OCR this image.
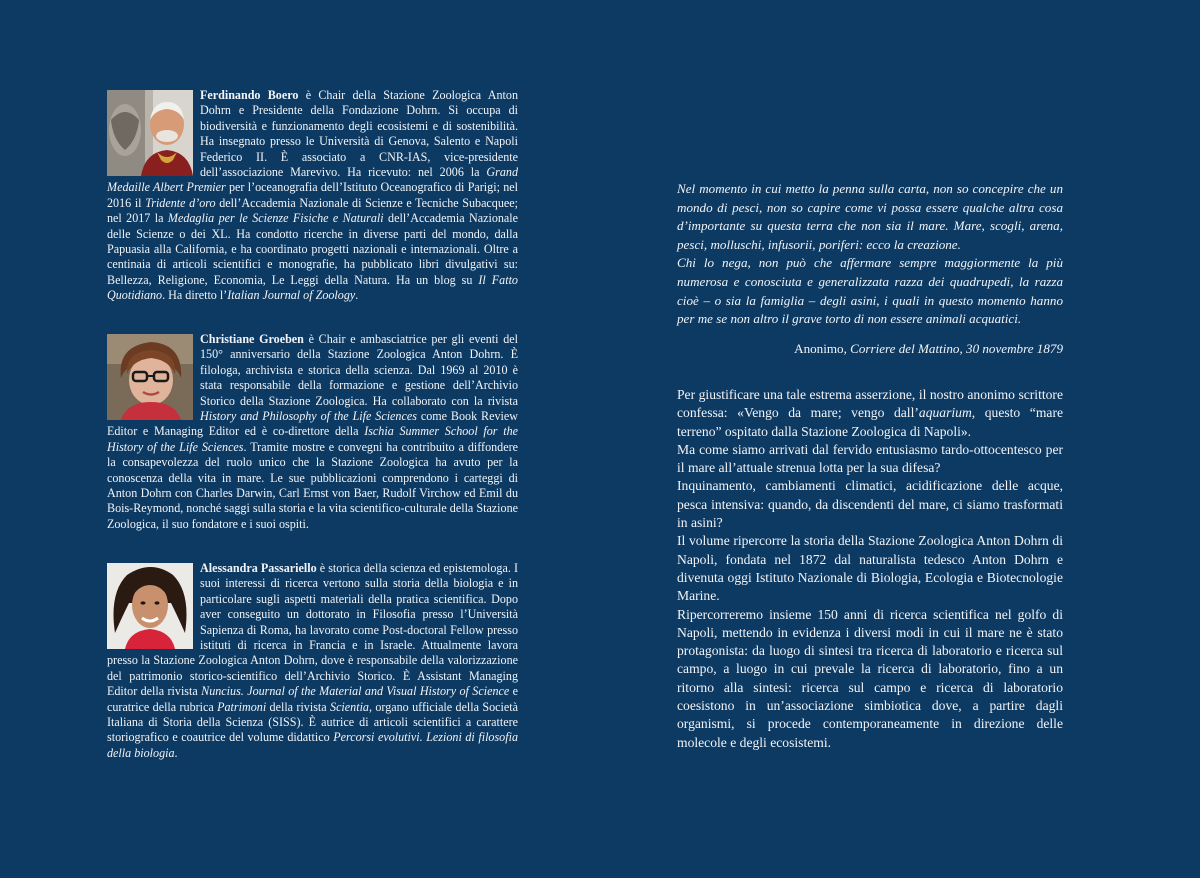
Ferdinando Boero è Chair della Stazione Zoologica Anton Dohrn e Presidente della Fondazione Dohrn. Si occupa di biodiversità e funzionamento degli ecosistemi e di sostenibilità. Ha insegnato presso le Università di Genova, Salento e Napoli Federico II. È associato a CNR-IAS, vice-presidente dell’associazione Marevivo. Ha ricevuto: nel 2006 la Grand Medaille Albert Premier per l’oceanografia dell’Istituto Oceanografico di Parigi; nel 2016 il Tridente d’oro dell’Accademia Nazionale di Scienze e Tecniche Subacquee; nel 2017 la Medaglia per le Scienze Fisiche e Naturali dell’Accademia Nazionale delle Scienze o dei XL. Ha condotto ricerche in diverse parti del mondo, dalla Papuasia alla California, e ha coordinato progetti nazionali e internazionali. Oltre a centinaia di articoli scientifici e monografie, ha pubblicato libri divulgativi su: Bellezza, Religione, Economia, Le Leggi della Natura. Ha un blog su Il Fatto Quotidiano. Ha diretto l’Italian Journal of Zoology.
Christiane Groeben è Chair e ambasciatrice per gli eventi del 150° anniversario della Stazione Zoologica Anton Dohrn. È filologa, archivista e storica della scienza. Dal 1969 al 2010 è stata responsabile della formazione e gestione dell’Archivio Storico della Stazione Zoologica. Ha collaborato con la rivista History and Philosophy of the Life Sciences come Book Review Editor e Managing Editor ed è co-direttore della Ischia Summer School for the History of the Life Sciences. Tramite mostre e convegni ha contribuito a diffondere la consapevolezza del ruolo unico che la Stazione Zoologica ha avuto per la conoscenza della vita in mare. Le sue pubblicazioni comprendono i carteggi di Anton Dohrn con Charles Darwin, Carl Ernst von Baer, Rudolf Virchow ed Emil du Bois-Reymond, nonché saggi sulla storia e la vita scientifico-culturale della Stazione Zoologica, il suo fondatore e i suoi ospiti.
Alessandra Passariello è storica della scienza ed epistemologa. I suoi interessi di ricerca vertono sulla storia della biologia e in particolare sugli aspetti materiali della pratica scientifica. Dopo aver conseguito un dottorato in Filosofia presso l’Università Sapienza di Roma, ha lavorato come Post-doctoral Fellow presso istituti di ricerca in Francia e in Israele. Attualmente lavora presso la Stazione Zoologica Anton Dohrn, dove è responsabile della valorizzazione del patrimonio storico-scientifico dell’Archivio Storico. È Assistant Managing Editor della rivista Nuncius. Journal of the Material and Visual History of Science e curatrice della rubrica Patrimoni della rivista Scientia, organo ufficiale della Società Italiana di Storia della Scienza (SISS). È autrice di articoli scientifici a carattere storiografico e coautrice del volume didattico Percorsi evolutivi. Lezioni di filosofia della biologia.

Nel momento in cui metto la penna sulla carta, non so concepire che un mondo di pesci, non so capire come vi possa essere qualche altra cosa d’importante su questa terra che non sia il mare. Mare, scogli, arena, pesci, molluschi, infusorii, poriferi: ecco la creazione.

Chi lo nega, non può che affermare sempre maggiormente la più numerosa e conosciuta e generalizzata razza dei quadrupedi, la razza cioè – o sia la famiglia – degli asini, i quali in questo momento hanno per me se non altro il grave torto di non essere animali acquatici.

Anonimo, Corriere del Mattino, 30 novembre 1879

Per giustificare una tale estrema asserzione, il nostro anonimo scrittore confessa: «Vengo da mare; vengo dall’aquarium, questo “mare terreno” ospitato dalla Stazione Zoologica di Napoli».

Ma come siamo arrivati dal fervido entusiasmo tardo-ottocentesco per il mare all’attuale strenua lotta per la sua difesa?

Inquinamento, cambiamenti climatici, acidificazione delle acque, pesca intensiva: quando, da discendenti del mare, ci siamo trasformati in asini?

Il volume ripercorre la storia della Stazione Zoologica Anton Dohrn di Napoli, fondata nel 1872 dal naturalista tedesco Anton Dohrn e divenuta oggi Istituto Nazionale di Biologia, Ecologia e Biotecnologie Marine.

Ripercorreremo insieme 150 anni di ricerca scientifica nel golfo di Napoli, mettendo in evidenza i diversi modi in cui il mare ne è stato protagonista: da luogo di sintesi tra ricerca di laboratorio e ricerca sul campo, a luogo in cui prevale la ricerca di laboratorio, fino a un ritorno alla sintesi: ricerca sul campo e ricerca di laboratorio coesistono in un’associazione simbiotica dove, a partire dagli organismi, si procede contemporaneamente in direzione delle molecole e degli ecosistemi.
